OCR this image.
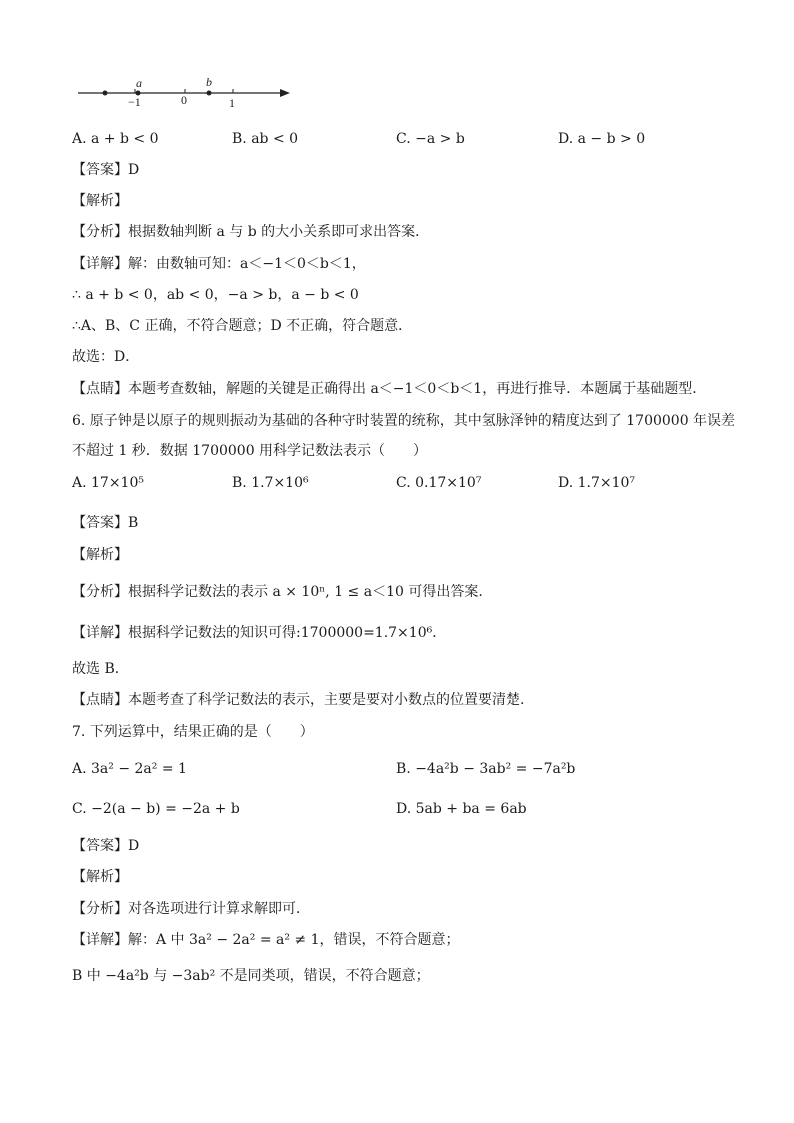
a	b
−1	0	1
A. a + b < 0	B. ab < 0	C. −a > b	D. a − b > 0
【答案】D
【解析】
【分析】根据数轴判断 a 与 b 的大小关系即可求出答案．
【详解】解：由数轴可知：a＜−1＜0＜b＜1，
∴ a + b < 0，ab < 0，−a > b，a − b < 0
∴A、B、C 正确，不符合题意；D 不正确，符合题意．
故选：D．
【点睛】本题考查数轴，解题的关键是正确得出 a＜−1＜0＜b＜1，再进行推导．本题属于基础题型．
6. 原子钟是以原子的规则振动为基础的各种守时装置的统称，其中氢脉泽钟的精度达到了 1700000 年误差
不超过 1 秒．数据 1700000 用科学记数法表示（　　）
A. 17×10⁵	B. 1.7×10⁶	C. 0.17×10⁷	D. 1.7×10⁷
【答案】B
【解析】
【分析】根据科学记数法的表示 a × 10ⁿ, 1 ≤ a＜10 可得出答案.
【详解】根据科学记数法的知识可得:1700000=1.7×10⁶．
故选 B．
【点睛】本题考查了科学记数法的表示，主要是要对小数点的位置要清楚.
7. 下列运算中，结果正确的是（　　）
A. 3a² − 2a² = 1	B. −4a²b − 3ab² = −7a²b
C. −2(a − b) = −2a + b	D. 5ab + ba = 6ab
【答案】D
【解析】
【分析】对各选项进行计算求解即可．
【详解】解：A 中 3a² − 2a² = a² ≠ 1，错误，不符合题意；
B 中 −4a²b 与 −3ab² 不是同类项，错误，不符合题意；
